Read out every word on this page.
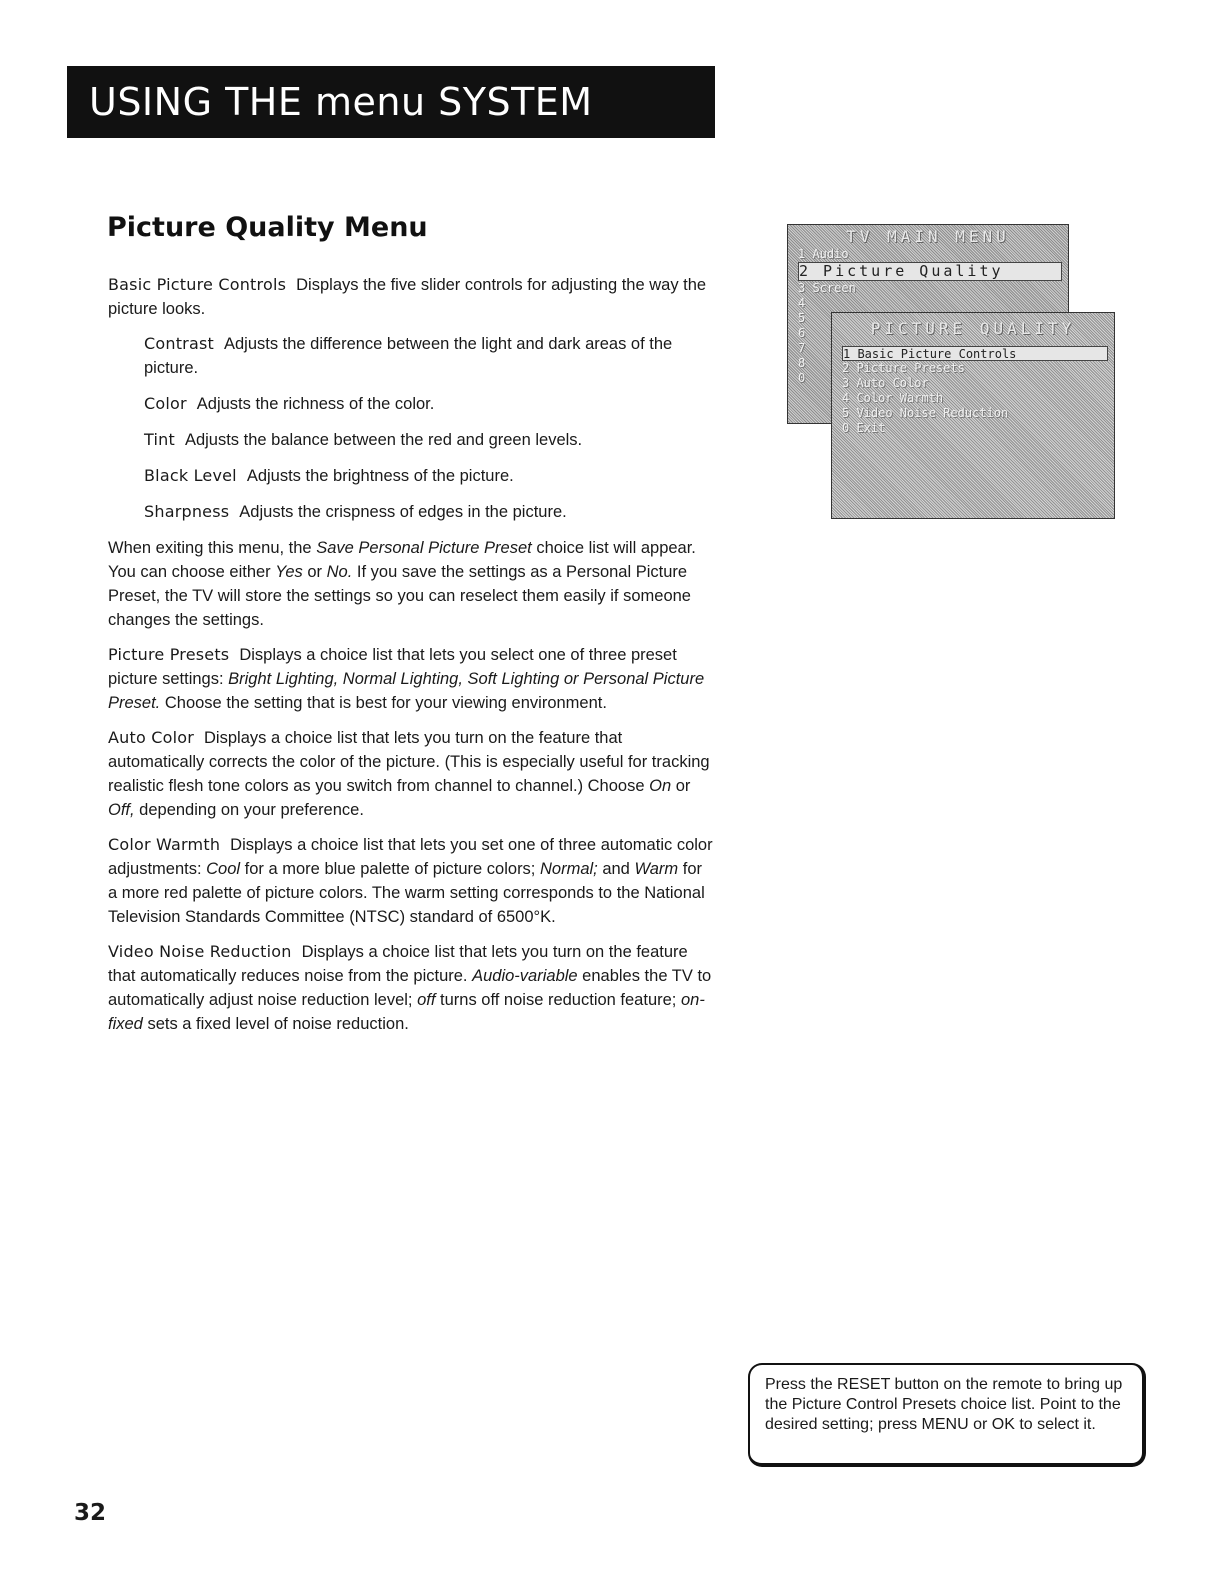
USING THE menu SYSTEM
Picture Quality Menu

Basic Picture Controls Displays the five slider controls for adjusting the way the picture looks.

Contrast Adjusts the difference between the light and dark areas of the picture.

Color Adjusts the richness of the color.

Tint Adjusts the balance between the red and green levels.

Black Level Adjusts the brightness of the picture.

Sharpness Adjusts the crispness of edges in the picture.

When exiting this menu, the Save Personal Picture Preset choice list will appear. You can choose either Yes or No. If you save the settings as a Personal Picture Preset, the TV will store the settings so you can reselect them easily if someone changes the settings.

Picture Presets Displays a choice list that lets you select one of three preset picture settings: Bright Lighting, Normal Lighting, Soft Lighting or Personal Picture Preset. Choose the setting that is best for your viewing environment.

Auto Color Displays a choice list that lets you turn on the feature that automatically corrects the color of the picture. (This is especially useful for tracking realistic flesh tone colors as you switch from channel to channel.) Choose On or Off, depending on your preference.

Color Warmth Displays a choice list that lets you set one of three automatic color adjustments: Cool for a more blue palette of picture colors; Normal; and Warm for a more red palette of picture colors. The warm setting corresponds to the National Television Standards Committee (NTSC) standard of 6500°K.

Video Noise Reduction Displays a choice list that lets you turn on the feature that automatically reduces noise from the picture. Audio-variable enables the TV to automatically adjust noise reduction level; off turns off noise reduction feature; on-fixed sets a fixed level of noise reduction.

TV MAIN MENU
1 Audio
2 Picture Quality
3 Screen
4
5
6
7
8
0
PICTURE QUALITY
1 Basic Picture Controls
2 Picture Presets
3 Auto Color
4 Color Warmth
5 Video Noise Reduction
0 Exit
Press the RESET button on the remote to bring up the Picture Control Presets choice list. Point to the desired setting; press MENU or OK to select it.
32
